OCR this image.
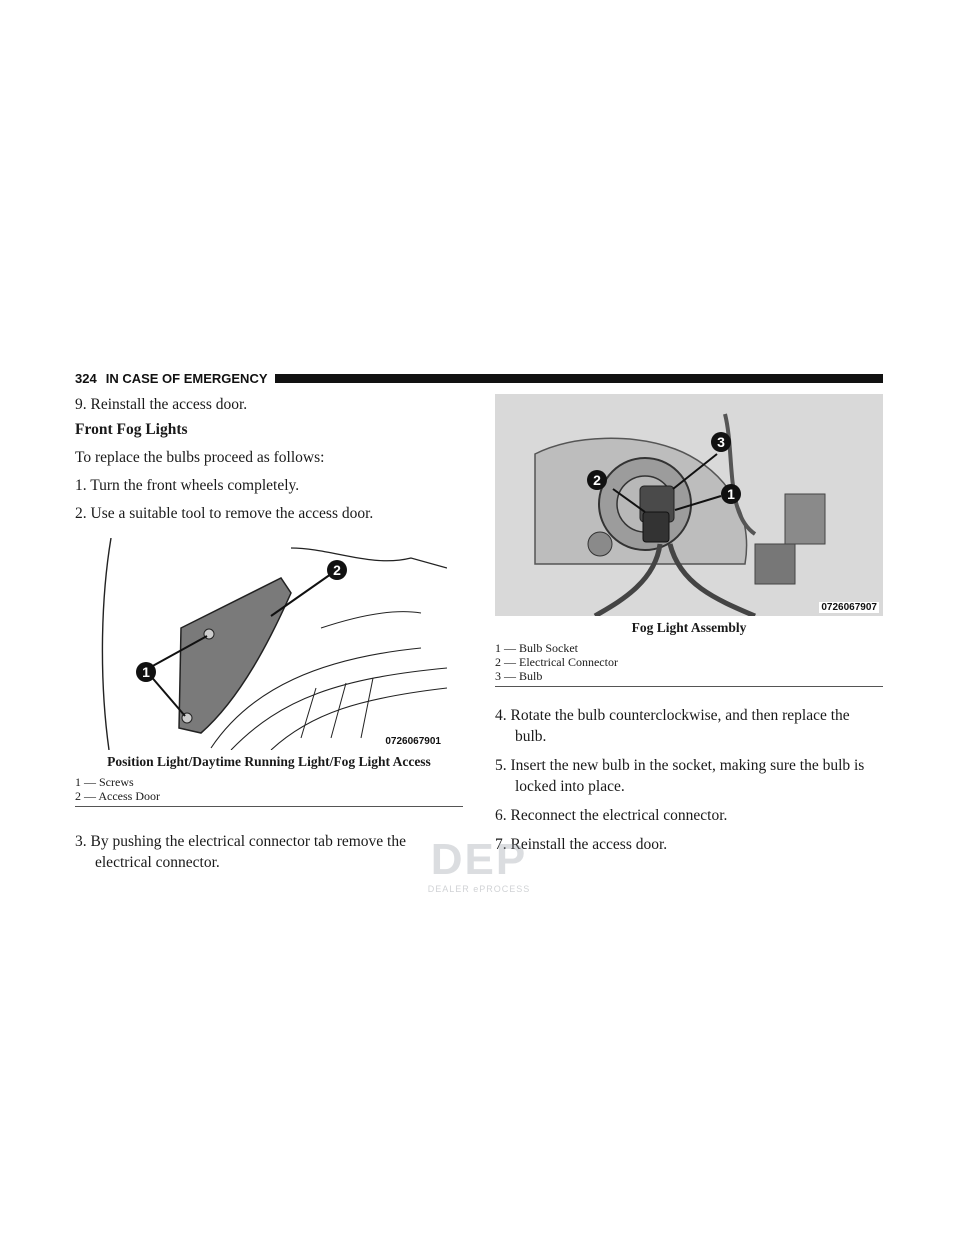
324 IN CASE OF EMERGENCY

9. Reinstall the access door.

Front Fog Lights

To replace the bulbs proceed as follows:

1. Turn the front wheels completely.

2. Use a suitable tool to remove the access door.

1
2
0726067901
Position Light/Daytime Running Light/Fog Light Access
1 — Screws
2 — Access Door

3. By pushing the electrical connector tab remove the electrical connector.

3
2
1
0726067907
Fog Light Assembly
1 — Bulb Socket
2 — Electrical Connector
3 — Bulb

4. Rotate the bulb counterclockwise, and then replace the bulb.

5. Insert the new bulb in the socket, making sure the bulb is locked into place.

6. Reconnect the electrical connector.

7. Reinstall the access door.

DEP
DEALER ePROCESS
